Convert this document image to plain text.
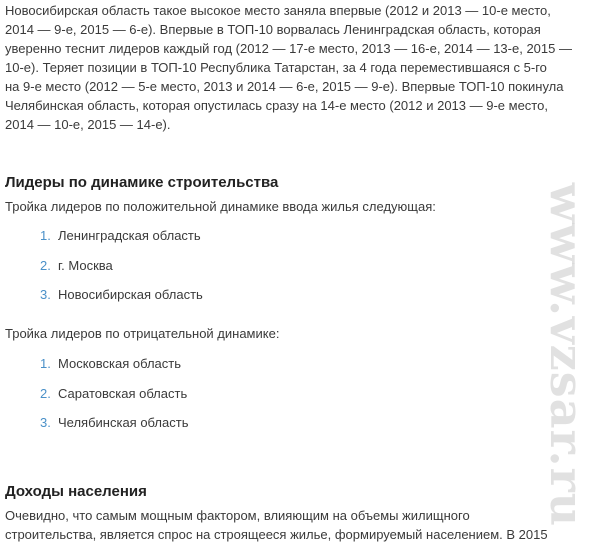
Новосибирская область такое высокое место заняла впервые (2012 и 2013 — 10-е место,
2014 — 9-е, 2015 — 6-е). Впервые в ТОП-10 ворвалась Ленинградская область, которая
уверенно теснит лидеров каждый год (2012 — 17-е место, 2013 — 16-е, 2014 — 13-е, 2015 —
10-е). Теряет позиции в ТОП-10 Республика Татарстан, за 4 года переместившаяся с 5-го
на 9-е место (2012 — 5-е место, 2013 и 2014 — 6-е, 2015 — 9-е). Впервые ТОП-10 покинула
Челябинская область, которая опустилась сразу на 14-е место (2012 и 2013 — 9-е место,
2014 — 10-е, 2015 — 14-е).
Лидеры по динамике строительства

Тройка лидеров по положительной динамике ввода жилья следующая:

1. Ленинградская область
2. г. Москва
3. Новосибирская область

Тройка лидеров по отрицательной динамике:

1. Московская область
2. Саратовская область
3. Челябинская область
Доходы населения
Очевидно, что самым мощным фактором, влияющим на объемы жилищного
строительства, является спрос на строящееся жилье, формируемый населением. В 2015
www.vzsar.ru
